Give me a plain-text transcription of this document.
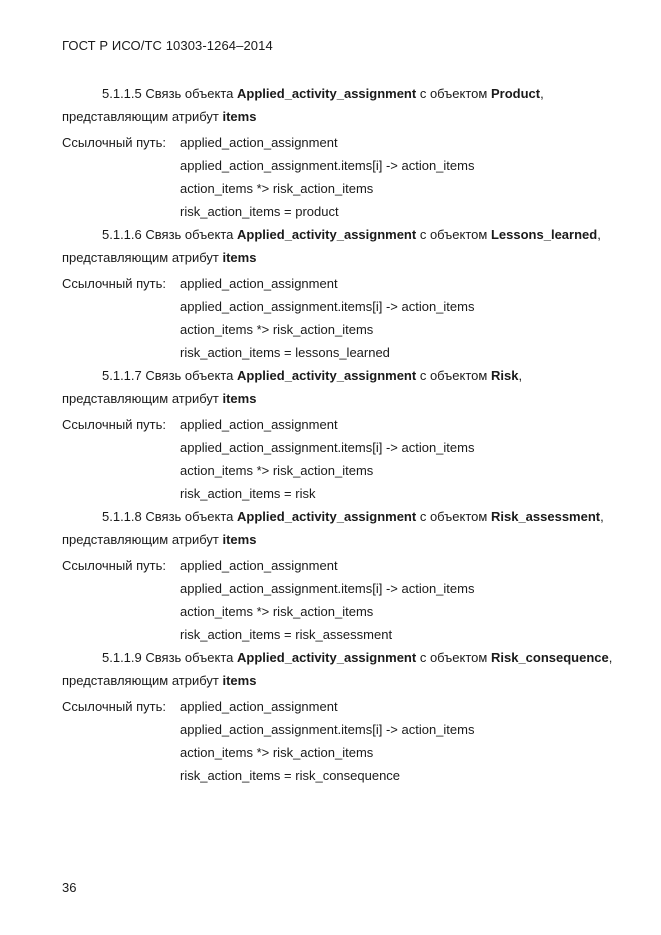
ГОСТ Р ИСО/ТС 10303-1264–2014
5.1.1.5 Связь объекта Applied_activity_assignment с объектом Product,
представляющим атрибут items
Ссылочный путь: applied_action_assignment
applied_action_assignment.items[i] -> action_items
action_items *> risk_action_items
risk_action_items = product
5.1.1.6 Связь объекта Applied_activity_assignment с объектом Lessons_learned,
представляющим атрибут items
Ссылочный путь: applied_action_assignment
applied_action_assignment.items[i] -> action_items
action_items *> risk_action_items
risk_action_items = lessons_learned
5.1.1.7 Связь объекта Applied_activity_assignment с объектом Risk,
представляющим атрибут items
Ссылочный путь: applied_action_assignment
applied_action_assignment.items[i] -> action_items
action_items *> risk_action_items
risk_action_items = risk
5.1.1.8 Связь объекта Applied_activity_assignment с объектом Risk_assessment,
представляющим атрибут items
Ссылочный путь: applied_action_assignment
applied_action_assignment.items[i] -> action_items
action_items *> risk_action_items
risk_action_items = risk_assessment
5.1.1.9 Связь объекта Applied_activity_assignment с объектом Risk_consequence,
представляющим атрибут items
Ссылочный путь: applied_action_assignment
applied_action_assignment.items[i] -> action_items
action_items *> risk_action_items
risk_action_items = risk_consequence
36
